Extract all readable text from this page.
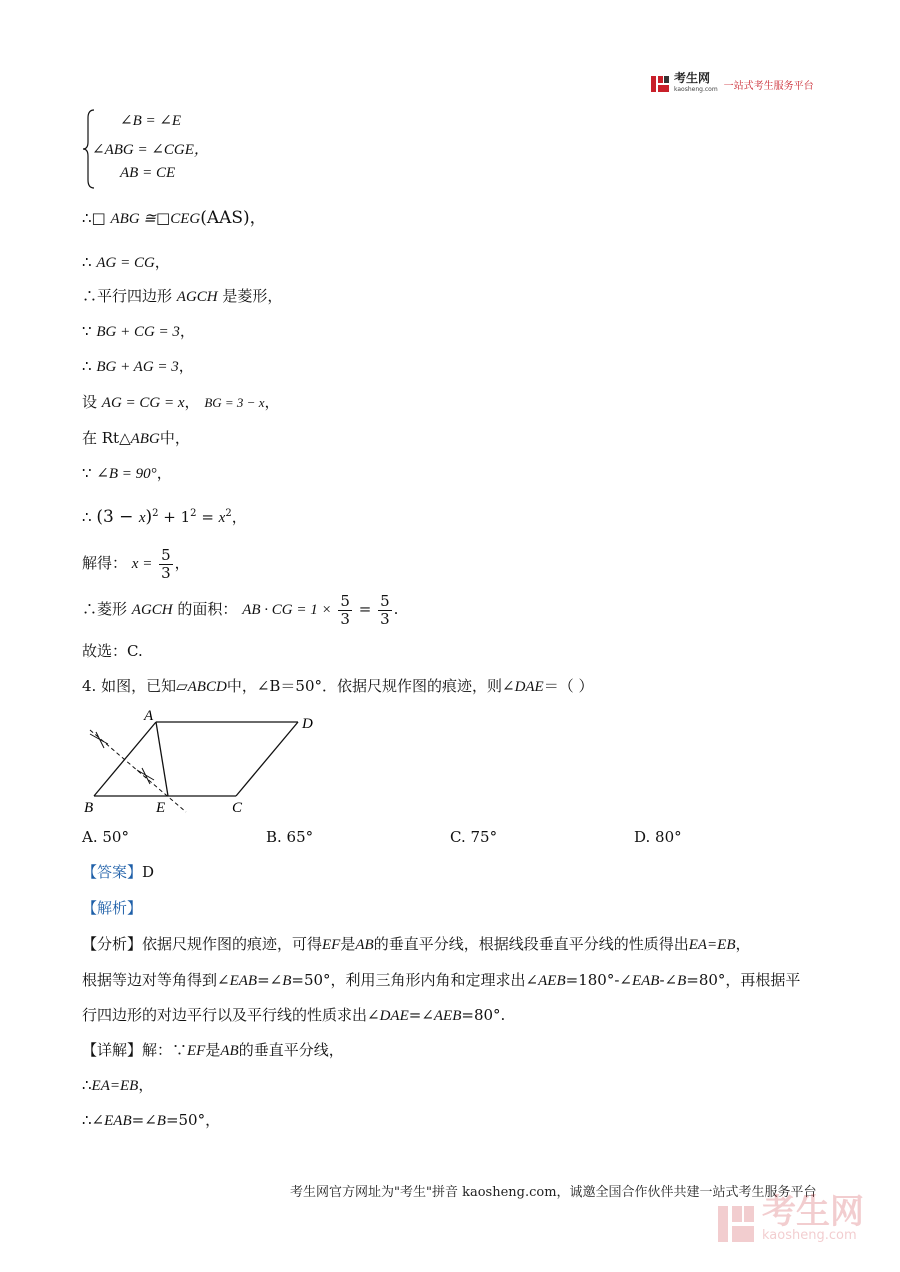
考生网
kaosheng.com 一站式考生服务平台
∠B = ∠E
∠ABG = ∠CGE，
AB = CE
∴□ ABG ≅□CEG(AAS)，
∴ AG = CG，
∴平行四边形 AGCH 是菱形，
∵ BG + CG = 3，
∴ BG + AG = 3，
设 AG = CG = x， BG = 3 − x，
在 Rt△ABG中，
∵ ∠B = 90°，
∴ $(3 - x)^2 + 1^2 = x^2$，
解得： $x = \frac{5}{3}$ ，
∴菱形 AGCH 的面积： AB · CG = $1 \times \frac{5}{3} = \frac{5}{3}$ .
故选：C.
4. 如图，已知▱ABCD中，∠B＝50°．依据尺规作图的痕迹，则∠DAE＝（ ）
A	D
B	E	C
A. 50°	B. 65°	C. 75°	D. 80°
【答案】D
【解析】
【分析】依据尺规作图的痕迹，可得EF是AB的垂直平分线，根据线段垂直平分线的性质得出EA=EB，
根据等边对等角得到∠EAB=∠B=50°，利用三角形内角和定理求出∠AEB=180°-∠EAB-∠B=80°，再根据平
行四边形的对边平行以及平行线的性质求出∠DAE=∠AEB=80°.
【详解】解：∵EF是AB的垂直平分线，
∴EA=EB，
∴∠EAB=∠B=50°，
考生网官方网址为"考生"拼音 kaosheng.com，诚邀全国合作伙伴共建一站式考生服务平台
考生网
kaosheng.com
